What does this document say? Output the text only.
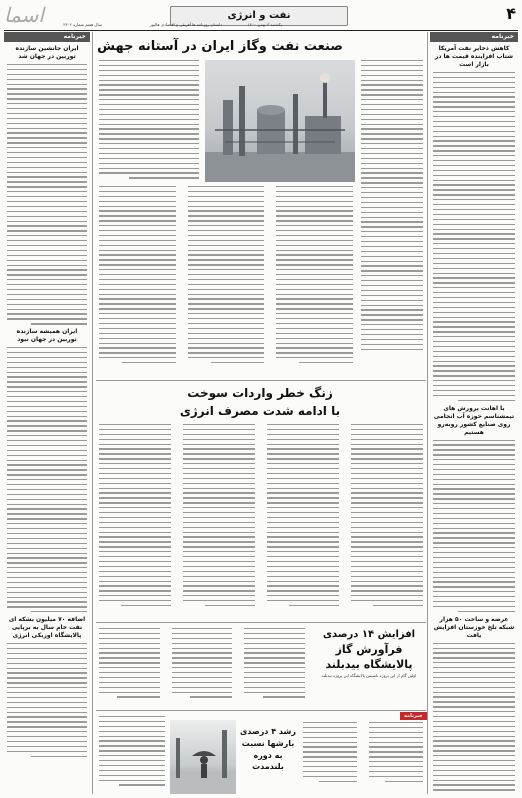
اسما	نفت و انرژی	۴
سال هفتم شماره ۲۳۰۲	یکشنبه ۳ بهمن ۱۴۰۰
داستان روزنامه ها آفریقی و اقتصادی هالیور
خبرنامه
کاهش ذخایر نفت آمریکا شتاب افزاینده قیمت ها در بازار است
با اهانت پرورش های تیمشناسم حوزه آب انجامی روی صنایع کشور روبه‌رو هستیم
عرضه و ساخت ۵۰ هزار شبکه تلخ خوزستان افزایش یافت
خبرنامه
ایران جانشین سازنده توربین در جهان شد
ایران همیشه سازنده توربین در جهان نبود
اضافه ۷۰ میلیون بشکه ای نفت خام سال به برپایی پالایشگاه اوزبکی انرژی
صنعت نفت وگاز ایران در آستانه جهش
زنگ خطر واردات سوخت
با ادامه شدت مصرف انرژی
افزایش ۱۴ درصدی
فرآورش گاز
پالایشگاه بیدبلند
اولین گام از این پروژه تاسیس پالایشگاه این پروژه بیدبلند
خبرنامه
رشد ۴ درصدی
بارشها نسبت
به دوره بلندمدت
